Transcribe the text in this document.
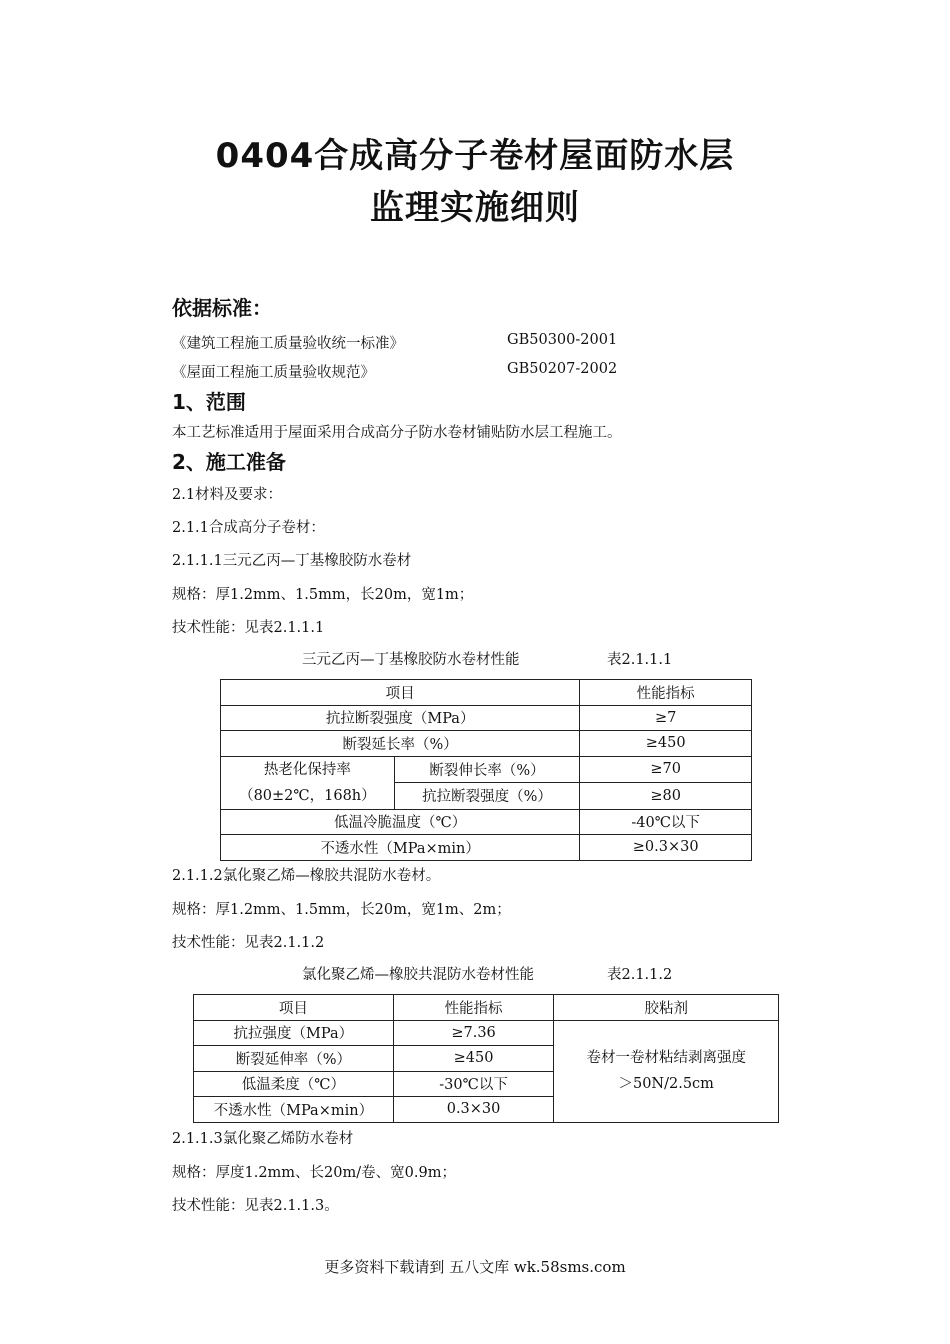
0404合成高分子卷材屋面防水层
监理实施细则
依据标准：
《建筑工程施工质量验收统一标准》	GB50300-2001
《屋面工程施工质量验收规范》	GB50207-2002
1、范围
本工艺标准适用于屋面采用合成高分子防水卷材铺贴防水层工程施工。
2、施工准备
2.1材料及要求：
2.1.1合成高分子卷材：
2.1.1.1三元乙丙—丁基橡胶防水卷材
规格：厚1.2mm、1.5mm，长20m，宽1m；
技术性能：见表2.1.1.1
三元乙丙—丁基橡胶防水卷材性能	表2.1.1.1
项目		性能指标
抗拉断裂强度（MPa）		≥7
断裂延长率（%）		≥450

热老化保持率
（80±2℃，168h）	断裂伸长率（%）	≥70
	抗拉断裂强度（%）	≥80
低温冷脆温度（℃）		-40℃以下
不透水性（MPa×min）		≥0.3×30
2.1.1.2氯化聚乙烯—橡胶共混防水卷材。
规格：厚1.2mm、1.5mm，长20m，宽1m、2m；
技术性能：见表2.1.1.2
氯化聚乙烯—橡胶共混防水卷材性能	表2.1.1.2
项目	性能指标	胶粘剂
抗拉强度（MPa）	≥7.36	卷材一卷材粘结剥离强度
＞50N/2.5cm

断裂延伸率（%）	≥450	
低温柔度（℃）	-30℃以下	
不透水性（MPa×min）	0.3×30	
2.1.1.3氯化聚乙烯防水卷材
规格：厚度1.2mm、长20m/卷、宽0.9m；
技术性能：见表2.1.1.3。
更多资料下载请到 五八文库 wk.58sms.com
